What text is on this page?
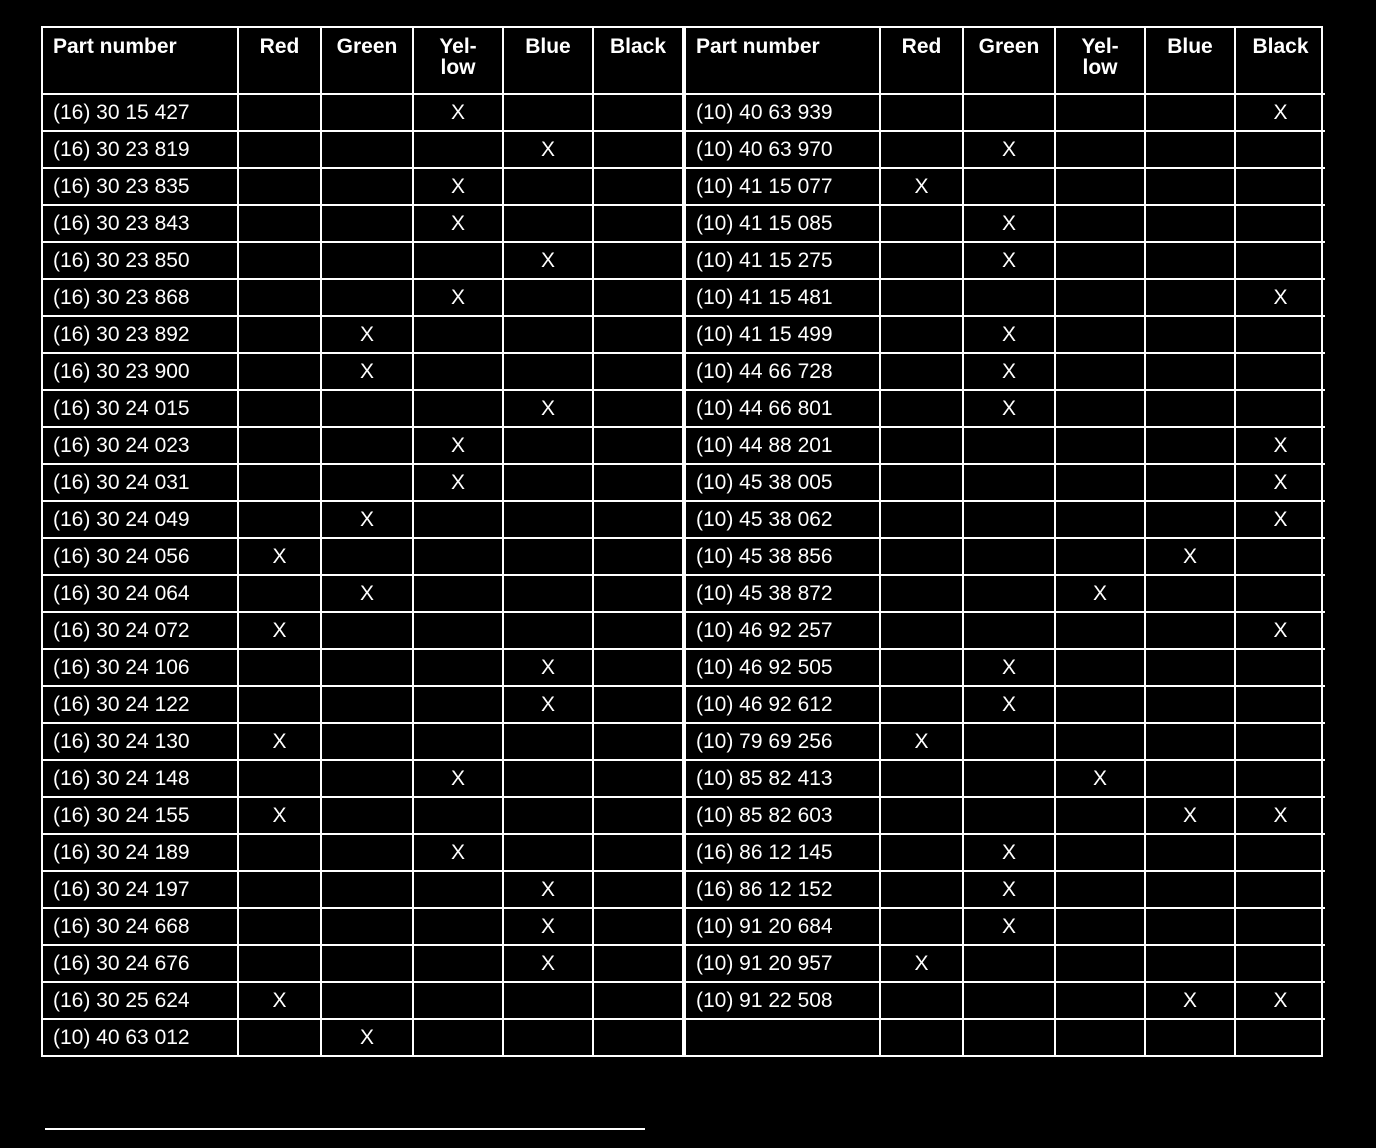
Part number	Red	Green	Yel-
low	Blue	Black
(16) 30 15 427			X		
(16) 30 23 819				X	
(16) 30 23 835			X		
(16) 30 23 843			X		
(16) 30 23 850				X	
(16) 30 23 868			X		
(16) 30 23 892		X			
(16) 30 23 900		X			
(16) 30 24 015				X	
(16) 30 24 023			X		
(16) 30 24 031			X		
(16) 30 24 049		X			
(16) 30 24 056	X				
(16) 30 24 064		X			
(16) 30 24 072	X				
(16) 30 24 106				X	
(16) 30 24 122				X	
(16) 30 24 130	X				
(16) 30 24 148			X		
(16) 30 24 155	X				
(16) 30 24 189			X		
(16) 30 24 197				X	
(16) 30 24 668				X	
(16) 30 24 676				X	
(16) 30 25 624	X				
(10) 40 63 012		X			
Part number	Red	Green	Yel-
low	Blue	Black
(10) 40 63 939					X
(10) 40 63 970		X			
(10) 41 15 077	X				
(10) 41 15 085		X			
(10) 41 15 275		X			
(10) 41 15 481					X
(10) 41 15 499		X			
(10) 44 66 728		X			
(10) 44 66 801		X			
(10) 44 88 201					X
(10) 45 38 005					X
(10) 45 38 062					X
(10) 45 38 856				X	
(10) 45 38 872			X		
(10) 46 92 257					X
(10) 46 92 505		X			
(10) 46 92 612		X			
(10) 79 69 256	X				
(10) 85 82 413			X		
(10) 85 82 603				X	X
(16) 86 12 145		X			
(16) 86 12 152		X			
(10) 91 20 684		X			
(10) 91 20 957	X				
(10) 91 22 508				X	X
